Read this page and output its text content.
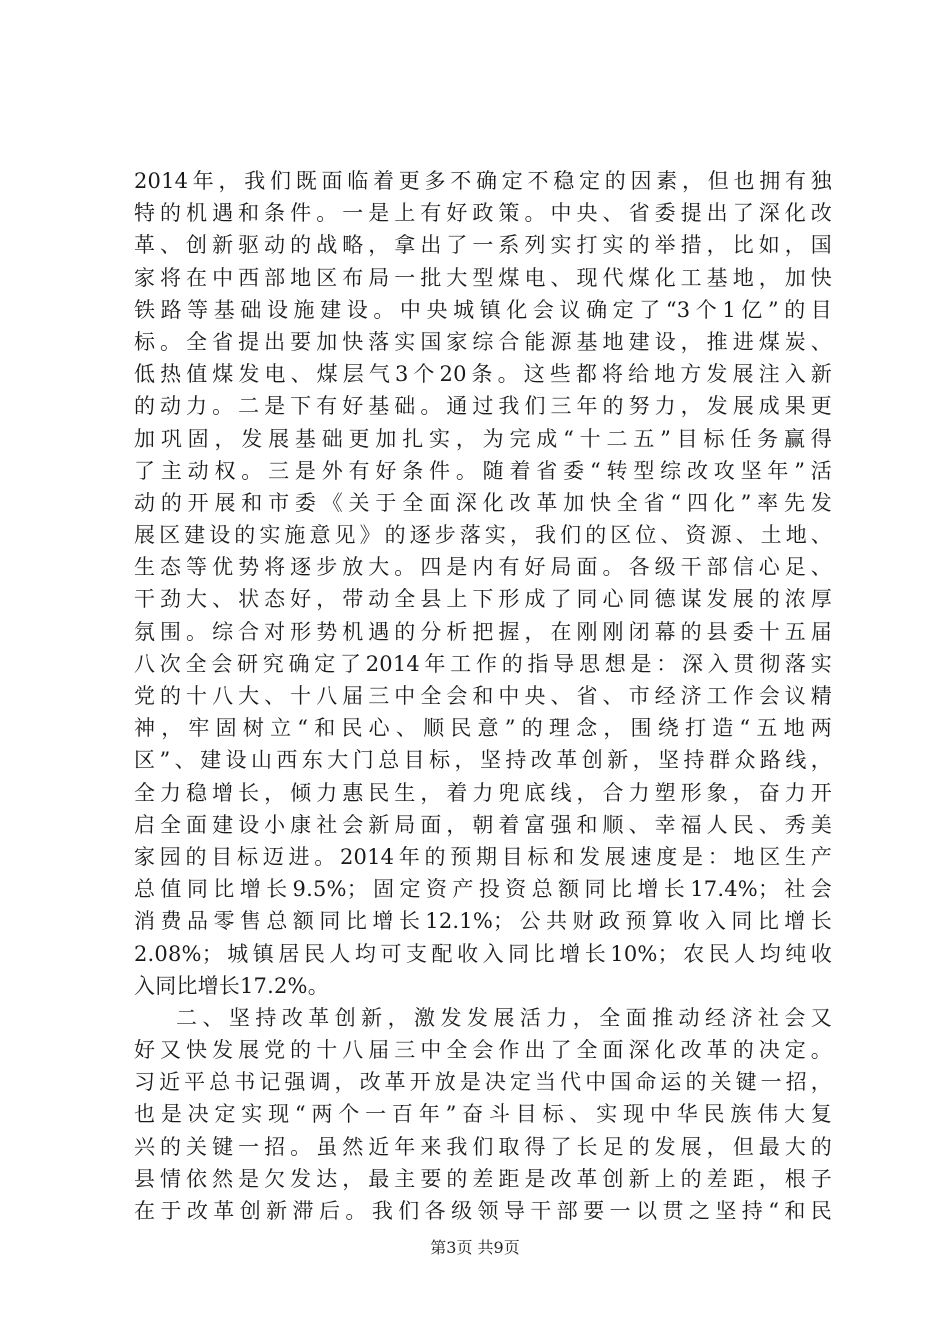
2014年，我们既面临着更多不确定不稳定的因素，但也拥有独
特的机遇和条件。一是上有好政策。中央、省委提出了深化改
革、创新驱动的战略，拿出了一系列实打实的举措，比如，国
家将在中西部地区布局一批大型煤电、现代煤化工基地，加快
铁路等基础设施建设。中央城镇化会议确定了“3个1亿”的目
标。全省提出要加快落实国家综合能源基地建设，推进煤炭、
低热值煤发电、煤层气3个20条。这些都将给地方发展注入新
的动力。二是下有好基础。通过我们三年的努力，发展成果更
加巩固，发展基础更加扎实，为完成“十二五”目标任务赢得
了主动权。三是外有好条件。随着省委“转型综改攻坚年”活
动的开展和市委《关于全面深化改革加快全省“四化”率先发
展区建设的实施意见》的逐步落实，我们的区位、资源、土地、
生态等优势将逐步放大。四是内有好局面。各级干部信心足、
干劲大、状态好，带动全县上下形成了同心同德谋发展的浓厚
氛围。综合对形势机遇的分析把握，在刚刚闭幕的县委十五届
八次全会研究确定了2014年工作的指导思想是：深入贯彻落实
党的十八大、十八届三中全会和中央、省、市经济工作会议精
神，牢固树立“和民心、顺民意”的理念，围绕打造“五地两
区”、建设山西东大门总目标，坚持改革创新，坚持群众路线，
全力稳增长，倾力惠民生，着力兜底线，合力塑形象，奋力开
启全面建设小康社会新局面，朝着富强和顺、幸福人民、秀美
家园的目标迈进。2014年的预期目标和发展速度是：地区生产
总值同比增长9.5%；固定资产投资总额同比增长17.4%；社会
消费品零售总额同比增长12.1%；公共财政预算收入同比增长
2.08%；城镇居民人均可支配收入同比增长10%；农民人均纯收
入同比增长17.2%。
二、坚持改革创新，激发发展活力，全面推动经济社会又
好又快发展党的十八届三中全会作出了全面深化改革的决定。
习近平总书记强调，改革开放是决定当代中国命运的关键一招，
也是决定实现“两个一百年”奋斗目标、实现中华民族伟大复
兴的关键一招。虽然近年来我们取得了长足的发展，但最大的
县情依然是欠发达，最主要的差距是改革创新上的差距，根子
在于改革创新滞后。我们各级领导干部要一以贯之坚持“和民
第3页 共9页
